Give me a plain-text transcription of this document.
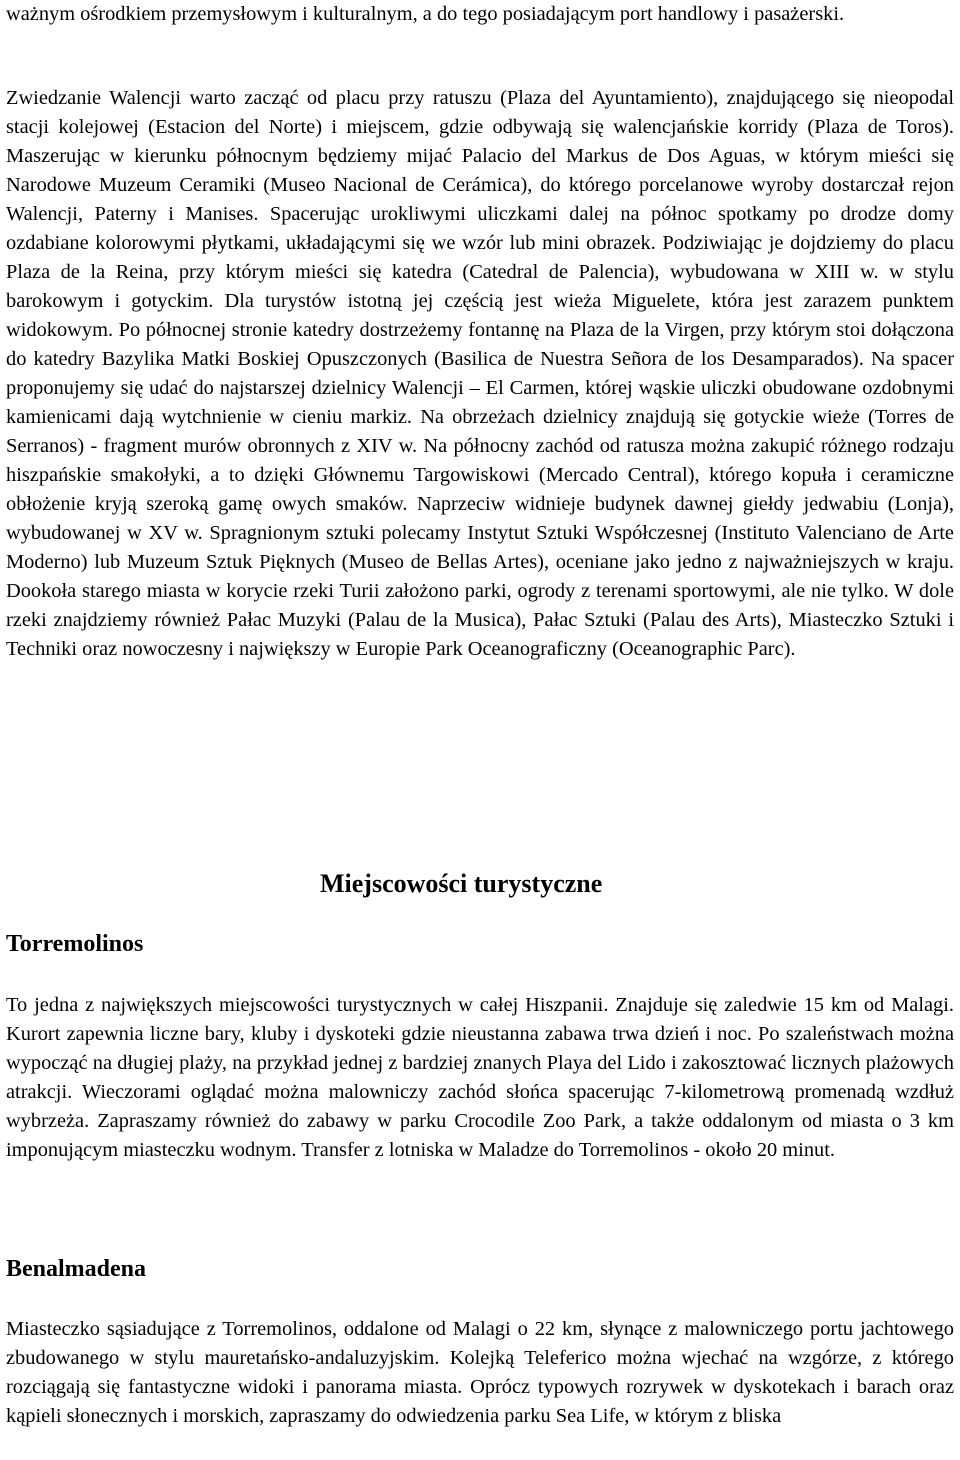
ważnym ośrodkiem przemysłowym i kulturalnym, a do tego posiadającym port handlowy i pasażerski.

Zwiedzanie Walencji warto zacząć od placu przy ratuszu (Plaza del Ayuntamiento), znajdującego się nieopodal stacji kolejowej (Estacion del Norte) i miejscem, gdzie odbywają się walencjańskie korridy (Plaza de Toros). Maszerując w kierunku północnym będziemy mijać Palacio del Markus de Dos Aguas, w którym mieści się Narodowe Muzeum Ceramiki (Museo Nacional de Cerámica), do którego porcelanowe wyroby dostarczał rejon Walencji, Paterny i Manises. Spacerując urokliwymi uliczkami dalej na północ spotkamy po drodze domy ozdabiane kolorowymi płytkami, układającymi się we wzór lub mini obrazek. Podziwiając je dojdziemy do placu Plaza de la Reina, przy którym mieści się katedra (Catedral de Palencia), wybudowana w XIII w. w stylu barokowym i gotyckim. Dla turystów istotną jej częścią jest wieża Miguelete, która jest zarazem punktem widokowym. Po północnej stronie katedry dostrzeżemy fontannę na Plaza de la Virgen, przy którym stoi dołączona do katedry Bazylika Matki Boskiej Opuszczonych (Basilica de Nuestra Señora de los Desamparados). Na spacer proponujemy się udać do najstarszej dzielnicy Walencji – El Carmen, której wąskie uliczki obudowane ozdobnymi kamienicami dają wytchnienie w cieniu markiz. Na obrzeżach dzielnicy znajdują się gotyckie wieże (Torres de Serranos) - fragment murów obronnych z XIV w. Na północny zachód od ratusza można zakupić różnego rodzaju hiszpańskie smakołyki, a to dzięki Głównemu Targowiskowi (Mercado Central), którego kopuła i ceramiczne obłożenie kryją szeroką gamę owych smaków. Naprzeciw widnieje budynek dawnej giełdy jedwabiu (Lonja), wybudowanej w XV w. Spragnionym sztuki polecamy Instytut Sztuki Współczesnej (Instituto Valenciano de Arte Moderno) lub Muzeum Sztuk Pięknych (Museo de Bellas Artes), oceniane jako jedno z najważniejszych w kraju. Dookoła starego miasta w korycie rzeki Turii założono parki, ogrody z terenami sportowymi, ale nie tylko. W dole rzeki znajdziemy również Pałac Muzyki (Palau de la Musica), Pałac Sztuki (Palau des Arts), Miasteczko Sztuki i Techniki oraz nowoczesny i największy w Europie Park Oceanograficzny (Oceanographic Parc).

Miejscowości turystyczne
Torremolinos

To jedna z największych miejscowości turystycznych w całej Hiszpanii. Znajduje się zaledwie 15 km od Malagi. Kurort zapewnia liczne bary, kluby i dyskoteki gdzie nieustanna zabawa trwa dzień i noc. Po szaleństwach można wypocząć na długiej plaży, na przykład jednej z bardziej znanych Playa del Lido i zakosztować licznych plażowych atrakcji. Wieczorami oglądać można malowniczy zachód słońca spacerując 7-kilometrową promenadą wzdłuż wybrzeża. Zapraszamy również do zabawy w parku Crocodile Zoo Park, a także oddalonym od miasta o 3 km imponującym miasteczku wodnym. Transfer z lotniska w Maladze do Torremolinos - około 20 minut.

Benalmadena

Miasteczko sąsiadujące z Torremolinos, oddalone od Malagi o 22 km, słynące z malowniczego portu jachtowego zbudowanego w stylu mauretańsko-andaluzyjskim. Kolejką Teleferico można wjechać na wzgórze, z którego rozciągają się fantastyczne widoki i panorama miasta. Oprócz typowych rozrywek w dyskotekach i barach oraz kąpieli słonecznych i morskich, zapraszamy do odwiedzenia parku Sea Life, w którym z bliska
